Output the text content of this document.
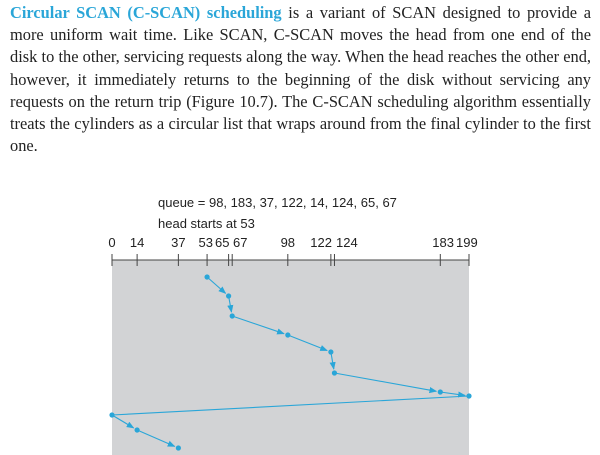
Circular SCAN (C-SCAN) scheduling is a variant of SCAN designed to provide a more uniform wait time. Like SCAN, C-SCAN moves the head from one end of the disk to the other, servicing requests along the way. When the head reaches the other end, however, it immediately returns to the beginning of the disk without servicing any requests on the return trip (Figure 10.7). The C-SCAN scheduling algorithm essentially treats the cylinders as a circular list that wraps around from the final cylinder to the first one.

queue = 98, 183, 37, 122, 14, 124, 65, 67
head starts at 53
0 14 37 53 65 67	98 122 124	183 199
